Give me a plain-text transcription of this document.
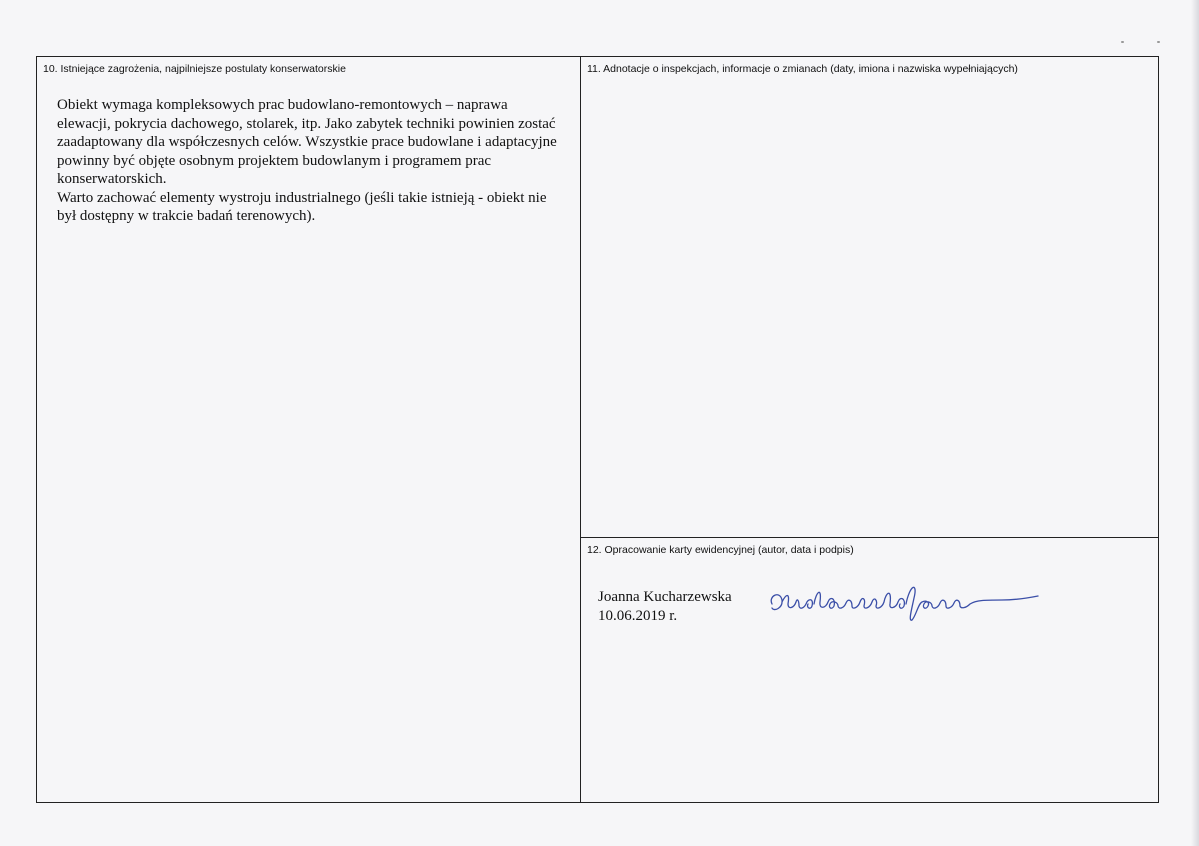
10. Istniejące zagrożenia, najpilniejsze postulaty konserwatorskie

Obiekt wymaga kompleksowych prac budowlano-remontowych – naprawa elewacji, pokrycia dachowego, stolarek, itp. Jako zabytek techniki powinien zostać zaadaptowany dla współczesnych celów. Wszystkie prace budowlane i adaptacyjne powinny być objęte osobnym projektem budowlanym i programem prac konserwatorskich.

Warto zachować elementy wystroju industrialnego (jeśli takie istnieją - obiekt nie był dostępny w trakcie badań terenowych).

11. Adnotacje o inspekcjach, informacje o zmianach (daty, imiona i nazwiska wypełniających)
12. Opracowanie karty ewidencyjnej (autor, data i podpis)
Joanna Kucharzewska
10.06.2019 r.
